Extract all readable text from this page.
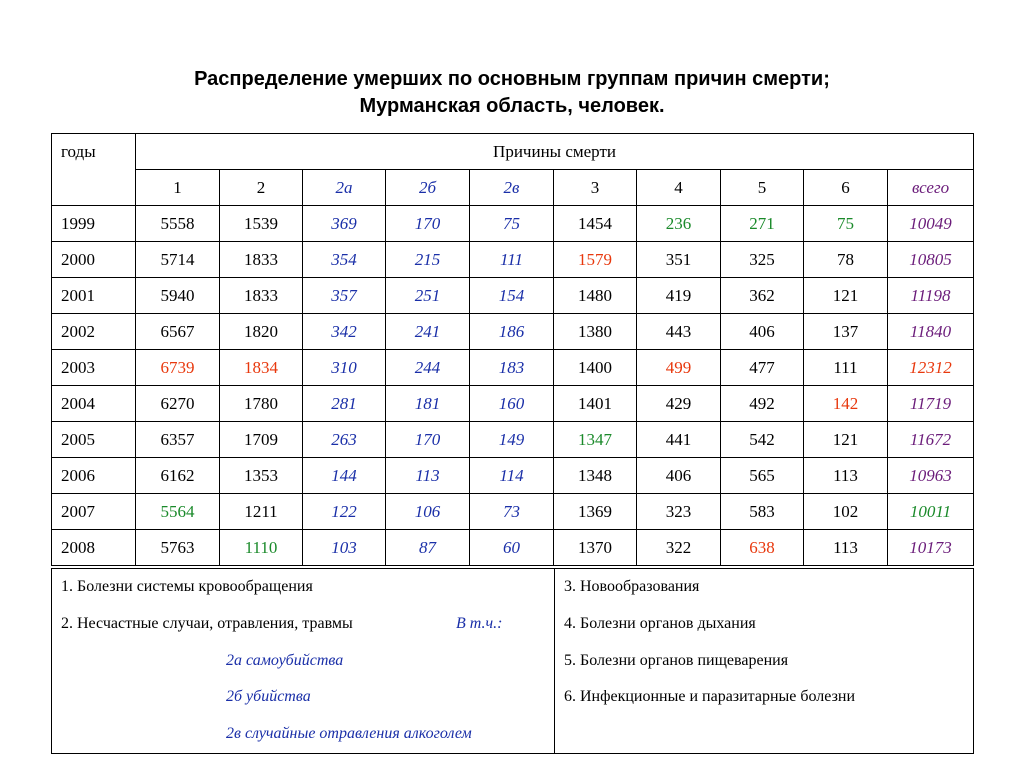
Распределение умерших по основным группам причин смерти;
Мурманская область, человек.
годы	Причины смерти									
	1	2	2а	2б	2в	3	4	5	6	всего
1999	5558	1539	369	170	75	1454	236	271	75	10049
2000	5714	1833	354	215	111	1579	351	325	78	10805
2001	5940	1833	357	251	154	1480	419	362	121	11198
2002	6567	1820	342	241	186	1380	443	406	137	11840
2003	6739	1834	310	244	183	1400	499	477	111	12312
2004	6270	1780	281	181	160	1401	429	492	142	11719
2005	6357	1709	263	170	149	1347	441	542	121	11672
2006	6162	1353	144	113	114	1348	406	565	113	10963
2007	5564	1211	122	106	73	1369	323	583	102	10011
2008	5763	1110	103	87	60	1370	322	638	113	10173
1. Болезни системы кровообращения
2. Несчастные случаи, отравления, травмы	В т.ч.:
2а самоубийства
2б убийства
2в случайные отравления алкоголем

3. Новообразования
4. Болезни органов дыхания
5. Болезни органов пищеварения
6. Инфекционные и паразитарные болезни
